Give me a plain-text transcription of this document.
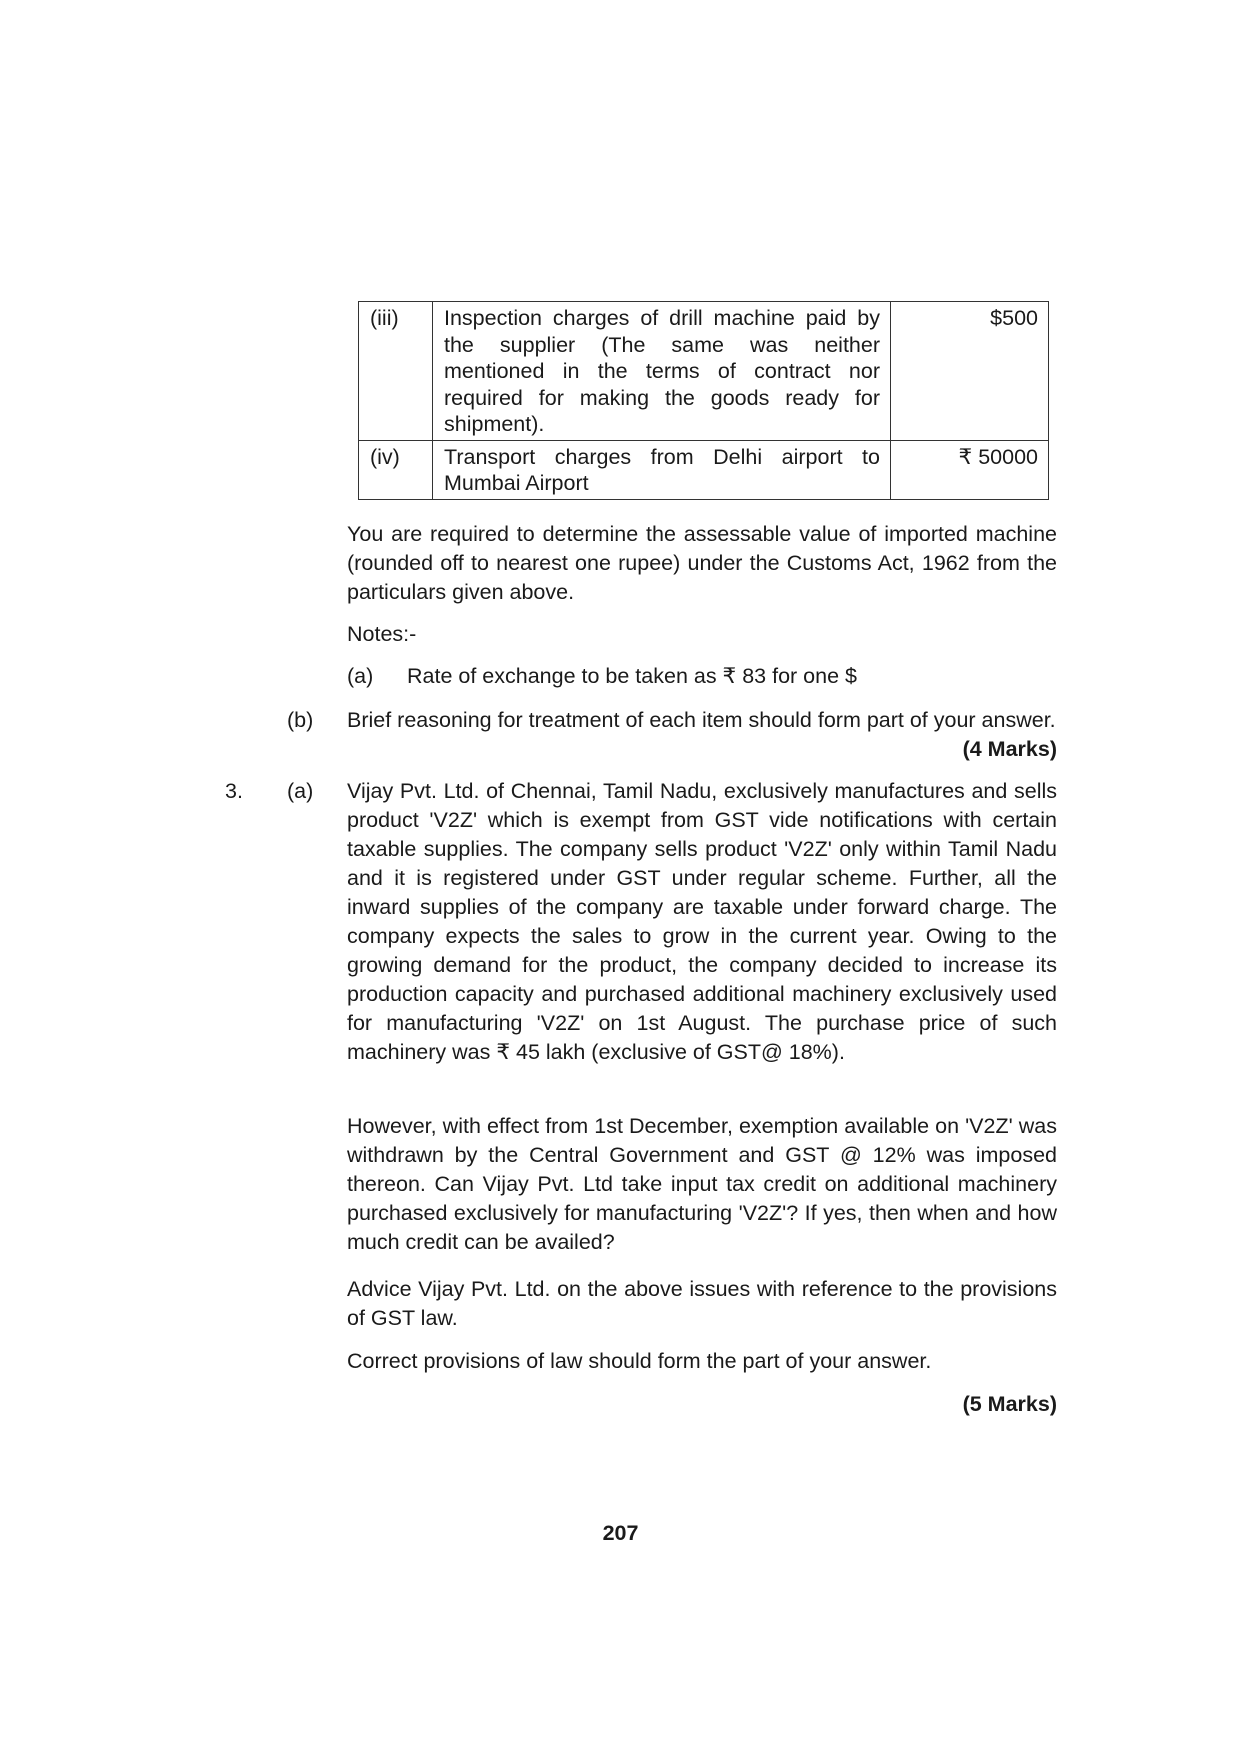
(iii)	Inspection charges of drill machine paid by the supplier (The same was neither mentioned in the terms of contract nor required for making the goods ready for shipment).	$500
(iv)	Transport charges from Delhi airport to Mumbai Airport	₹ 50000
You are required to determine the assessable value of imported machine (rounded off to nearest one rupee) under the Customs Act, 1962 from the particulars given above.
Notes:-
(a) Rate of exchange to be taken as ₹ 83 for one $
(b) Brief reasoning for treatment of each item should form part of your answer.
(4 Marks)
3. (a) Vijay Pvt. Ltd. of Chennai, Tamil Nadu, exclusively manufactures and sells product 'V2Z' which is exempt from GST vide notifications with certain taxable supplies. The company sells product 'V2Z' only within Tamil Nadu and it is registered under GST under regular scheme. Further, all the inward supplies of the company are taxable under forward charge. The company expects the sales to grow in the current year. Owing to the growing demand for the product, the company decided to increase its production capacity and purchased additional machinery exclusively used for manufacturing 'V2Z' on 1st August. The purchase price of such machinery was ₹ 45 lakh (exclusive of GST@ 18%).
However, with effect from 1st December, exemption available on 'V2Z' was withdrawn by the Central Government and GST @ 12% was imposed thereon. Can Vijay Pvt. Ltd take input tax credit on additional machinery purchased exclusively for manufacturing 'V2Z'? If yes, then when and how much credit can be availed?
Advice Vijay Pvt. Ltd. on the above issues with reference to the provisions of GST law.
Correct provisions of law should form the part of your answer.
(5 Marks)
207
